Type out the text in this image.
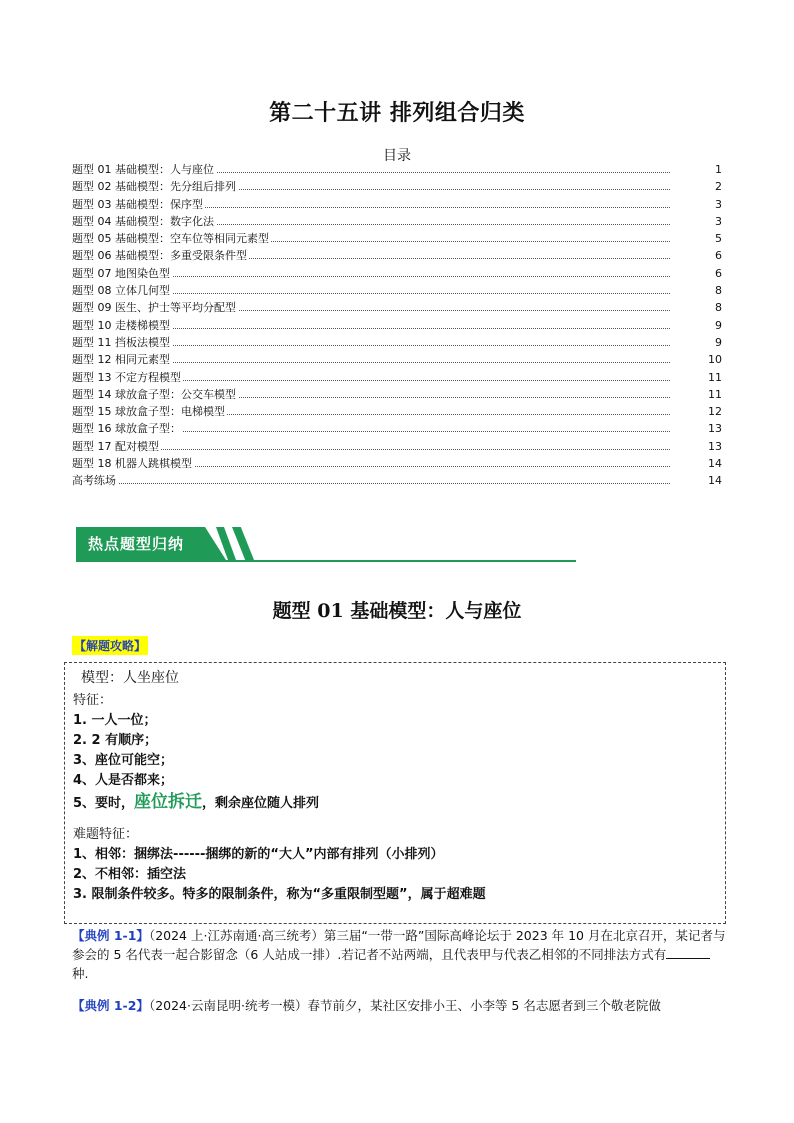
第二十五讲 排列组合归类
目录
题型 01 基础模型：人与座位	1
题型 02 基础模型：先分组后排列	2
题型 03 基础模型：保序型	3
题型 04 基础模型：数字化法	3
题型 05 基础模型：空车位等相同元素型	5
题型 06 基础模型：多重受限条件型	6
题型 07 地图染色型	6
题型 08 立体几何型	8
题型 09 医生、护士等平均分配型	8
题型 10 走楼梯模型	9
题型 11 挡板法模型	9
题型 12 相同元素型	10
题型 13 不定方程模型	11
题型 14 球放盒子型：公交车模型	11
题型 15 球放盒子型：电梯模型	12
题型 16 球放盒子型：	13
题型 17 配对模型	13
题型 18 机器人跳棋模型	14
高考练场	14
热点题型归纳
题型 01 基础模型：人与座位
【解题攻略】
模型：人坐座位
特征：
1. 一人一位；
2. 2 有顺序；
3、座位可能空；
4、人是否都来；
5、要时，座位拆迁，剩余座位随人排列
难题特征：
1、相邻：捆绑法------捆绑的新的“大人”内部有排列（小排列）
2、不相邻：插空法
3. 限制条件较多。特多的限制条件，称为“多重限制型题”，属于超难题
【典例 1-1】（2024 上·江苏南通·高三统考）第三届“一带一路”国际高峰论坛于 2023 年 10 月在北京召开，某记者与参会的 5 名代表一起合影留念（6 人站成一排）.若记者不站两端，且代表甲与代表乙相邻的不同排法方式有种.
【典例 1-2】（2024·云南昆明·统考一模）春节前夕，某社区安排小王、小李等 5 名志愿者到三个敬老院做
